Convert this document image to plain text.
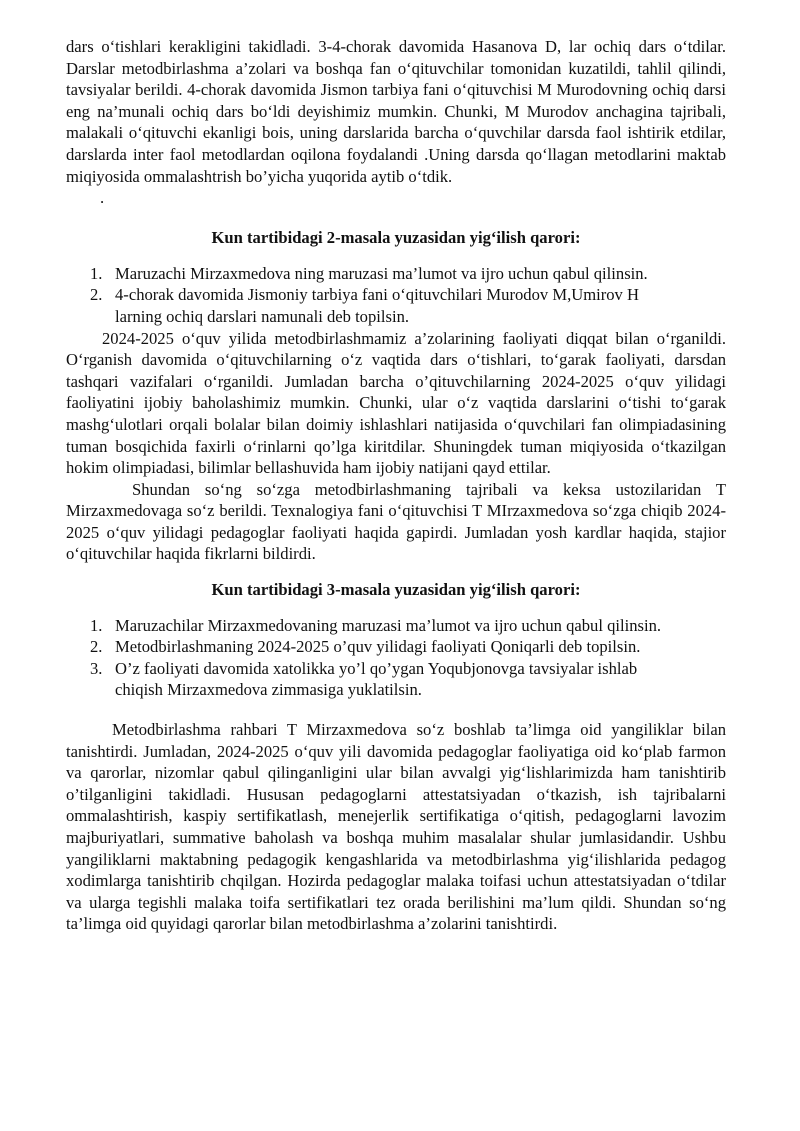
dars o‘tishlari kerakligini takidladi. 3-4-chorak davomida Hasanova D, lar ochiq dars o‘tdilar. Darslar metodbirlashma a’zolari va boshqa fan o‘qituvchilar tomonidan kuzatildi, tahlil qilindi, tavsiyalar berildi. 4-chorak davomida Jismon tarbiya fani o‘qituvchisi M Murodovning ochiq darsi eng na’munali ochiq dars bo‘ldi deyishimiz mumkin. Chunki, M Murodov anchagina tajribali, malakali o‘qituvchi ekanligi bois, uning darslarida barcha o‘quvchilar darsda faol ishtirik etdilar, darslarda inter faol metodlardan oqilona foydalandi .Uning darsda qo‘llagan metodlarini maktab miqiyosida ommalashtrish bo’yicha yuqorida aytib o‘tdik.

.

Kun tartibidagi 2-masala yuzasidan yig‘ilish qarori:

1. Maruzachi Mirzaxmedova ning maruzasi ma’lumot va ijro uchun qabul qilinsin.
2. 4-chorak davomida Jismoniy tarbiya fani o‘qituvchilari Murodov M,Umirov H larning ochiq darslari namunali deb topilsin.

2024-2025 o‘quv yilida metodbirlashmamiz a’zolarining faoliyati diqqat bilan o‘rganildi. O‘rganish davomida o‘qituvchilarning o‘z vaqtida dars o‘tishlari, to‘garak faoliyati, darsdan tashqari vazifalari o‘rganildi. Jumladan barcha o’qituvchilarning 2024-2025 o‘quv yilidagi faoliyatini ijobiy baholashimiz mumkin. Chunki, ular o‘z vaqtida darslarini o‘tishi to‘garak mashg‘ulotlari orqali bolalar bilan doimiy ishlashlari natijasida o‘quvchilari fan olimpiadasining tuman bosqichida faxirli o‘rinlarni qo’lga kiritdilar. Shuningdek tuman miqiyosida o‘tkazilgan hokim olimpiadasi, bilimlar bellashuvida ham ijobiy natijani qayd ettilar.

Shundan so‘ng so‘zga metodbirlashmaning tajribali va keksa ustozilaridan T Mirzaxmedovaga so‘z berildi. Texnalogiya fani o‘qituvchisi T MIrzaxmedova so‘zga chiqib 2024-2025 o‘quv yilidagi pedagoglar faoliyati haqida gapirdi. Jumladan yosh kardlar haqida, stajior o‘qituvchilar haqida fikrlarni bildirdi.

Kun tartibidagi 3-masala yuzasidan yig‘ilish qarori:

1. Maruzachilar Mirzaxmedovaning maruzasi ma’lumot va ijro uchun qabul qilinsin.
2. Metodbirlashmaning 2024-2025 o’quv yilidagi faoliyati Qoniqarli deb topilsin.
3. O’z faoliyati davomida xatolikka yo’l qo’ygan Yoqubjonovga tavsiyalar ishlab chiqish Mirzaxmedova zimmasiga yuklatilsin.

Metodbirlashma rahbari T Mirzaxmedova so‘z boshlab ta’limga oid yangiliklar bilan tanishtirdi. Jumladan, 2024-2025 o‘quv yili davomida pedagoglar faoliyatiga oid ko‘plab farmon va qarorlar, nizomlar qabul qilinganligini ular bilan avvalgi yig‘lishlarimizda ham tanishtirib o’tilganligini takidladi. Hususan pedagoglarni attestatsiyadan o‘tkazish, ish tajribalarni ommalashtirish, kaspiy sertifikatlash, menejerlik sertifikatiga o‘qitish, pedagoglarni lavozim majburiyatlari, summative baholash va boshqa muhim masalalar shular jumlasidandir. Ushbu yangiliklarni maktabning pedagogik kengashlarida va metodbirlashma yig‘ilishlarida pedagog xodimlarga tanishtirib chqilgan. Hozirda pedagoglar malaka toifasi uchun attestatsiyadan o‘tdilar va ularga tegishli malaka toifa sertifikatlari tez orada berilishini ma’lum qildi. Shundan so‘ng ta’limga oid quyidagi qarorlar bilan metodbirlashma a’zolarini tanishtirdi.
